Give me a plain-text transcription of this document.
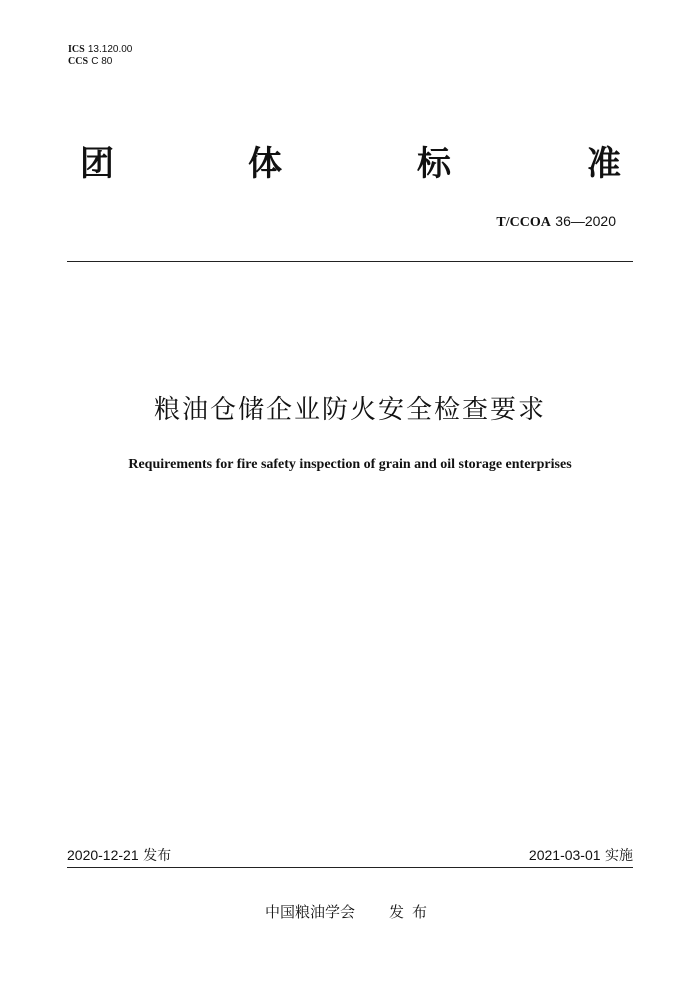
ICS 13.120.00
CCS C 80
团	体	标	准
T/CCOA 36—2020
粮油仓储企业防火安全检查要求
Requirements for fire safety inspection of grain and oil storage enterprises
2020-12-21 发布	2021-03-01 实施
中国粮油学会 发布
